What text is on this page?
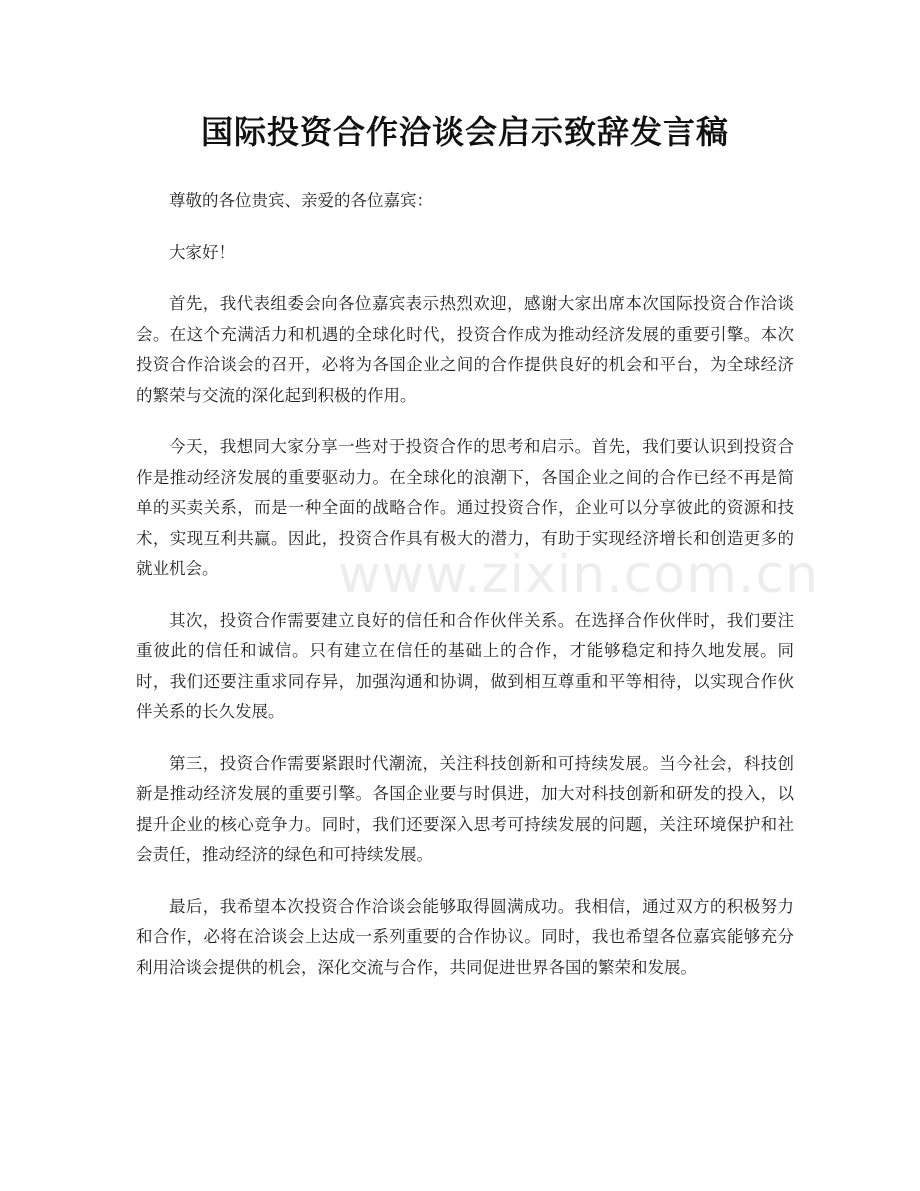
国际投资合作洽谈会启示致辞发言稿

尊敬的各位贵宾、亲爱的各位嘉宾：

大家好！

首先，我代表组委会向各位嘉宾表示热烈欢迎，感谢大家出席本次国际投资合作洽谈会。在这个充满活力和机遇的全球化时代，投资合作成为推动经济发展的重要引擎。本次投资合作洽谈会的召开，必将为各国企业之间的合作提供良好的机会和平台，为全球经济的繁荣与交流的深化起到积极的作用。

今天，我想同大家分享一些对于投资合作的思考和启示。首先，我们要认识到投资合作是推动经济发展的重要驱动力。在全球化的浪潮下，各国企业之间的合作已经不再是简单的买卖关系，而是一种全面的战略合作。通过投资合作，企业可以分享彼此的资源和技术，实现互利共赢。因此，投资合作具有极大的潜力，有助于实现经济增长和创造更多的就业机会。

其次，投资合作需要建立良好的信任和合作伙伴关系。在选择合作伙伴时，我们要注重彼此的信任和诚信。只有建立在信任的基础上的合作，才能够稳定和持久地发展。同时，我们还要注重求同存异，加强沟通和协调，做到相互尊重和平等相待，以实现合作伙伴关系的长久发展。

第三，投资合作需要紧跟时代潮流，关注科技创新和可持续发展。当今社会，科技创新是推动经济发展的重要引擎。各国企业要与时俱进，加大对科技创新和研发的投入，以提升企业的核心竞争力。同时，我们还要深入思考可持续发展的问题，关注环境保护和社会责任，推动经济的绿色和可持续发展。

最后，我希望本次投资合作洽谈会能够取得圆满成功。我相信，通过双方的积极努力和合作，必将在洽谈会上达成一系列重要的合作协议。同时，我也希望各位嘉宾能够充分利用洽谈会提供的机会，深化交流与合作，共同促进世界各国的繁荣和发展。

www.zixin.com.cn
